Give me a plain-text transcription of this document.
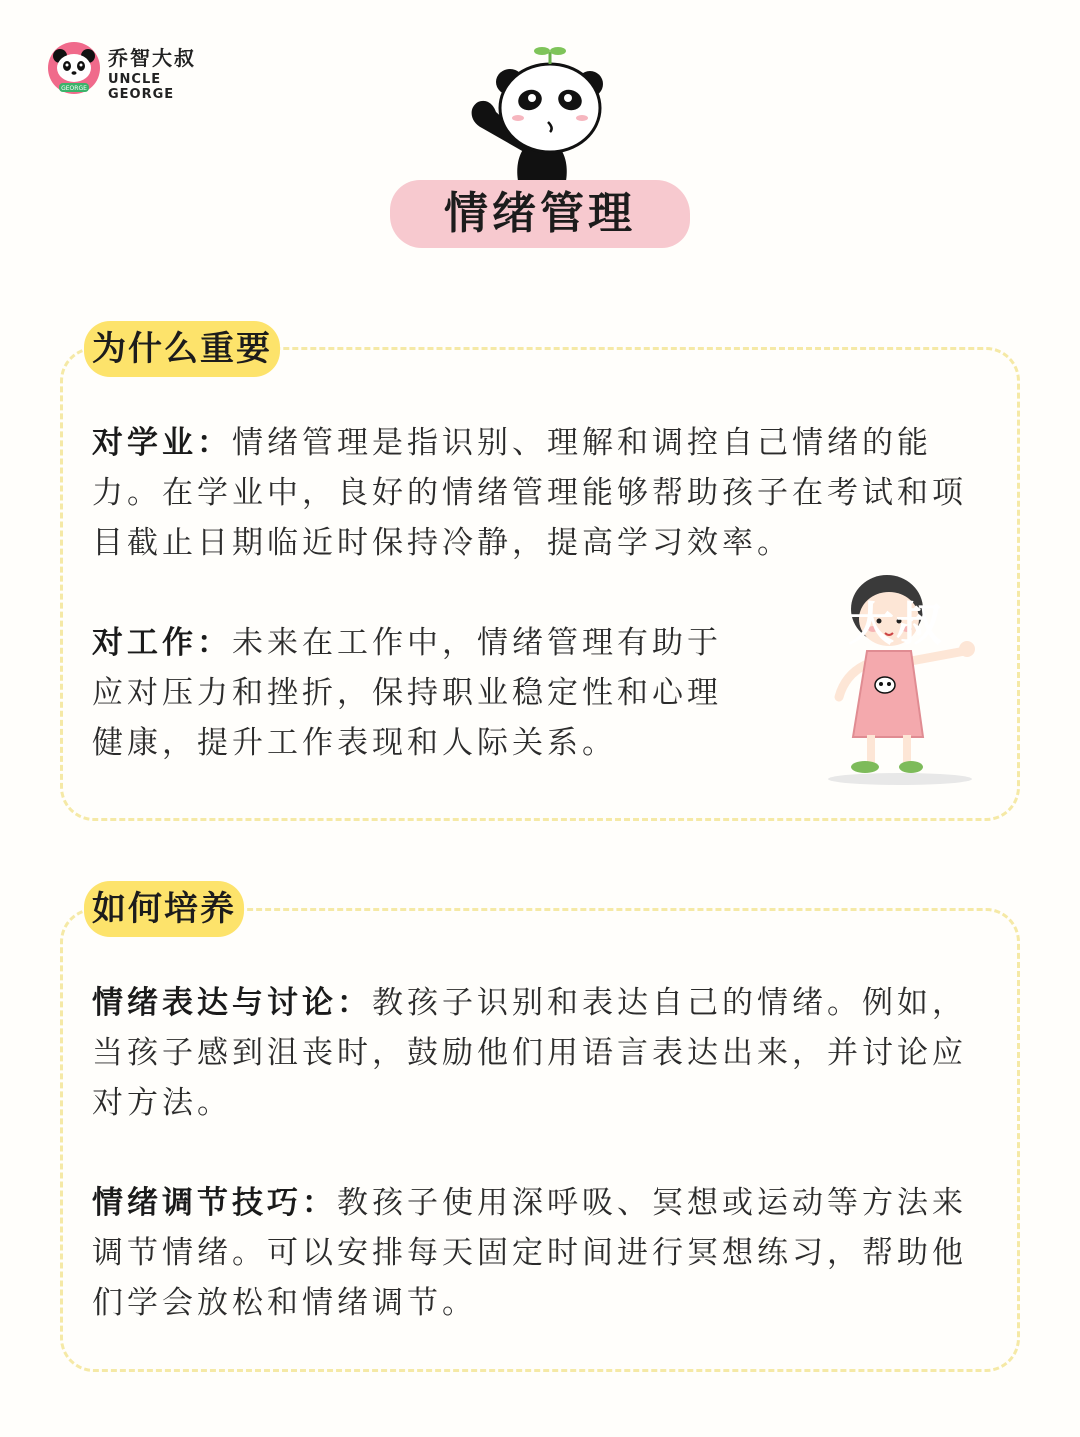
GEORGE
乔智大叔
UNCLE GEORGE
情绪管理
为什么重要

对学业：情绪管理是指识别、理解和调控自己情绪的能力。在学业中，良好的情绪管理能够帮助孩子在考试和项目截止日期临近时保持冷静，提高学习效率。

对工作：未来在工作中，情绪管理有助于应对压力和挫折，保持职业稳定性和心理健康，提升工作表现和人际关系。

大叔
如何培养

情绪表达与讨论：教孩子识别和表达自己的情绪。例如，当孩子感到沮丧时，鼓励他们用语言表达出来，并讨论应对方法。

情绪调节技巧：教孩子使用深呼吸、冥想或运动等方法来调节情绪。可以安排每天固定时间进行冥想练习，帮助他们学会放松和情绪调节。
